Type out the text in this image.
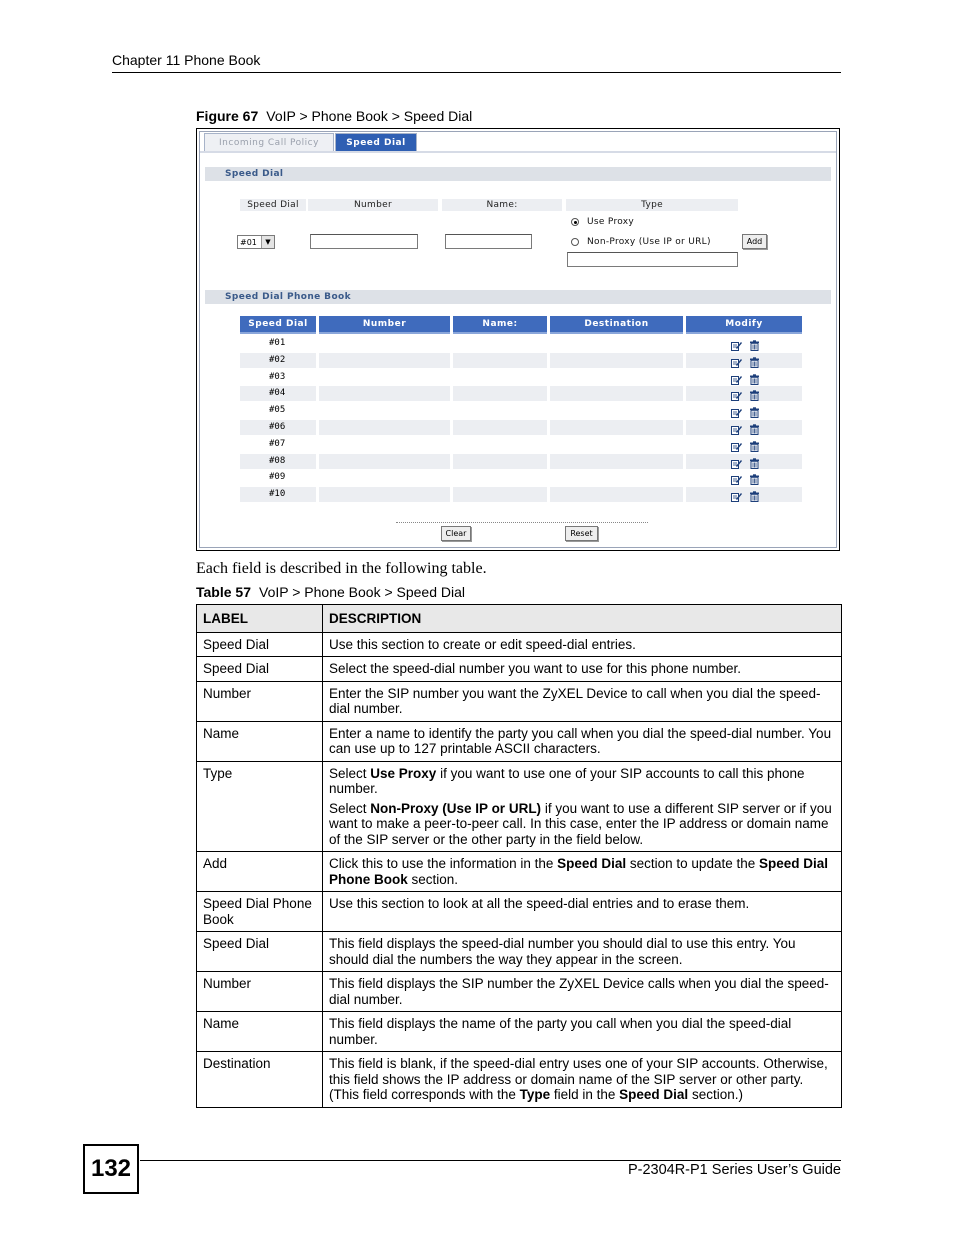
Chapter 11 Phone Book
Figure 67 VoIP > Phone Book > Speed Dial
Incoming Call Policy	Speed Dial
Speed Dial
Speed Dial	Number	Name:	Type
#01	▼
Use Proxy
Non-Proxy (Use IP or URL)	Add
Speed Dial Phone Book
Speed Dial	Number	Name:	Destination	Modify
#01
#02
#03
#04
#05
#06
#07
#08
#09
#10
Clear	Reset
Each field is described in the following table.
Table 57 VoIP > Phone Book > Speed Dial
LABEL	DESCRIPTION
Speed Dial	Use this section to create or edit speed-dial entries.
Speed Dial	Select the speed-dial number you want to use for this phone number.
Number	Enter the SIP number you want the ZyXEL Device to call when you dial the speed-dial number.
Name	Enter a name to identify the party you call when you dial the speed-dial number. You can use up to 127 printable ASCII characters.
Type	Select Use Proxy if you want to use one of your SIP accounts to call this phone number.

Select Non-Proxy (Use IP or URL) if you want to use a different SIP server or if you want to make a peer-to-peer call. In this case, enter the IP address or domain name of the SIP server or the other party in the field below.

Add	Click this to use the information in the Speed Dial section to update the Speed Dial Phone Book section.
Speed Dial Phone Book	Use this section to look at all the speed-dial entries and to erase them.
Speed Dial	This field displays the speed-dial number you should dial to use this entry. You should dial the numbers the way they appear in the screen.
Number	This field displays the SIP number the ZyXEL Device calls when you dial the speed-dial number.
Name	This field displays the name of the party you call when you dial the speed-dial number.
Destination	This field is blank, if the speed-dial entry uses one of your SIP accounts. Otherwise, this field shows the IP address or domain name of the SIP server or other party. (This field corresponds with the Type field in the Speed Dial section.)
132	P-2304R-P1 Series User’s Guide
